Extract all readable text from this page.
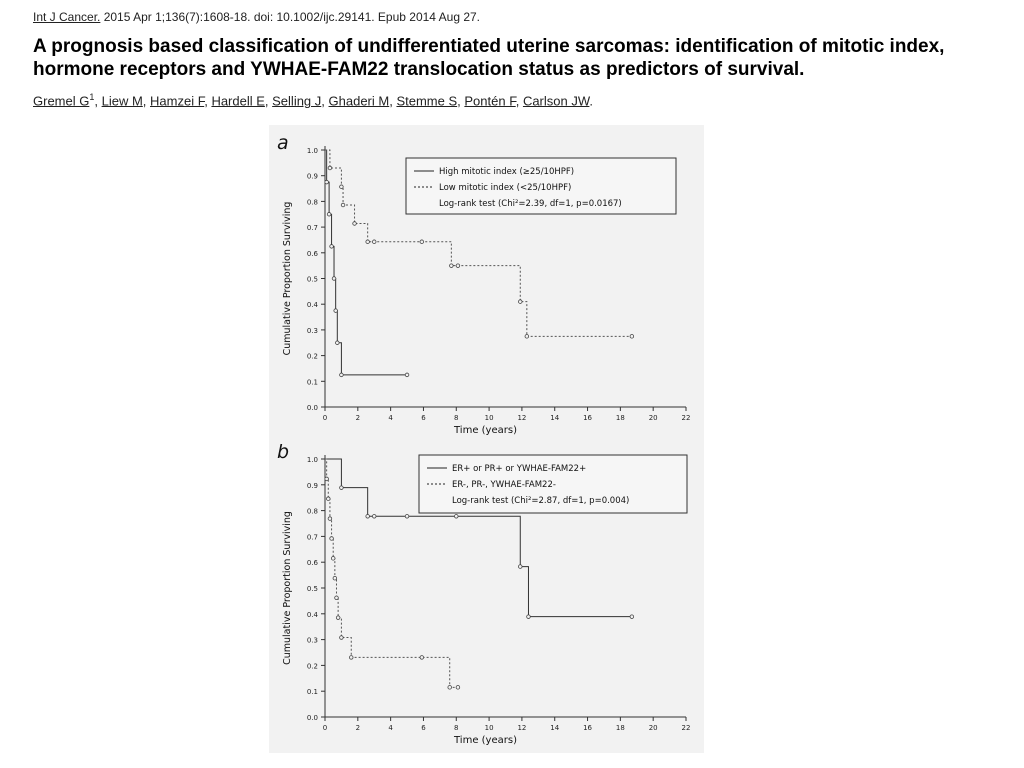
Int J Cancer. 2015 Apr 1;136(7):1608-18. doi: 10.1002/ijc.29141. Epub 2014 Aug 27.
A prognosis based classification of undifferentiated uterine sarcomas: identification of mitotic index, hormone receptors and YWHAE-FAM22 translocation status as predictors of survival.
Gremel $G^1$, Liew M, Hamzei F, Hardell E, Selling J, Ghaderi M, Stemme S, Pontén F, Carlson JW.
a
0.0
0.1
0.2
0.3
0.4
0.5
0.6
0.7
0.8
0.9
1.0
0	2	4	6	8	10	12	14	16	18	20	22
Time (years)
Cumulative Proportion Surviving
High mitotic index (≥25/10HPF)
Low mitotic index (<25/10HPF)
Log-rank test (Chi²=2.39, df=1, p=0.0167)
b
0.0
0.1
0.2
0.3
0.4
0.5
0.6
0.7
0.8
0.9
1.0
0	2	4	6	8	10	12	14	16	18	20	22
Time (years)
Cumulative Proportion Surviving
ER+ or PR+ or YWHAE-FAM22+
ER-, PR-, YWHAE-FAM22-
Log-rank test (Chi²=2.87, df=1, p=0.004)
